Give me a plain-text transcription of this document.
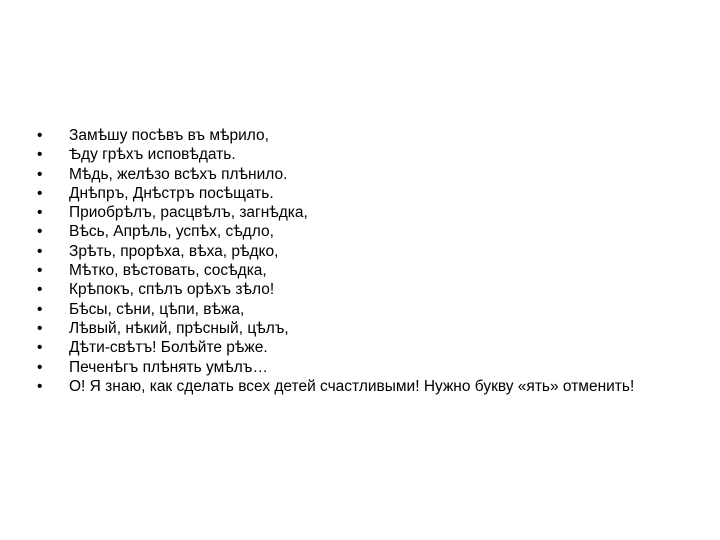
•	Замѣшу посѣвъ въ мѣрило,
•	Ѣду грѣхъ исповѣдать.
•	Мѣдь, желѣзо всѣхъ плѣнило.
•	Днѣпръ, Днѣстръ посѣщать.
•	Приобрѣлъ, расцвѣлъ, загнѣдка,
•	Вѣсь, Апрѣль, успѣх, сѣдло,
•	Зрѣть, прорѣха, вѣха, рѣдко,
•	Мѣтко, вѣстовать, сосѣдка,
•	Крѣпокъ, спѣлъ орѣхъ зѣло!
•	Бѣсы, сѣни, цѣпи, вѣжа,
•	Лѣвый, нѣкий, прѣсный, цѣлъ,
•	Дѣти-свѣтъ! Болѣйте рѣже.
•	Печенѣгъ плѣнять умѣлъ…
•	О! Я знаю, как сделать всех детей счастливыми! Нужно букву «ять» отменить!
